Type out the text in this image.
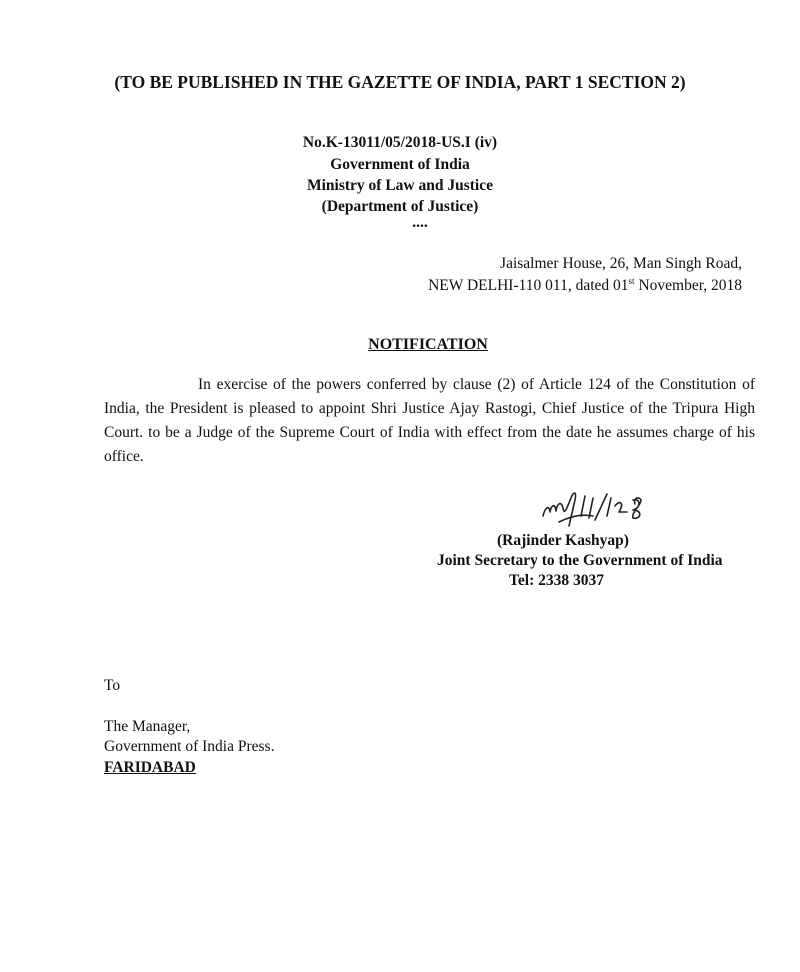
(TO BE PUBLISHED IN THE GAZETTE OF INDIA, PART 1 SECTION 2)
No.K-13011/05/2018-US.I (iv)
Government of India
Ministry of Law and Justice
(Department of Justice)
....
Jaisalmer House, 26, Man Singh Road,
NEW DELHI-110 011, dated 01st November, 2018
NOTIFICATION

In exercise of the powers conferred by clause (2) of Article 124 of the Constitution of India, the President is pleased to appoint Shri Justice Ajay Rastogi, Chief Justice of the Tripura High Court. to be a Judge of the Supreme Court of India with effect from the date he assumes charge of his office.

(Rajinder Kashyap)
Joint Secretary to the Government of India
Tel: 2338 3037
To
The Manager,
Government of India Press.
FARIDABAD
